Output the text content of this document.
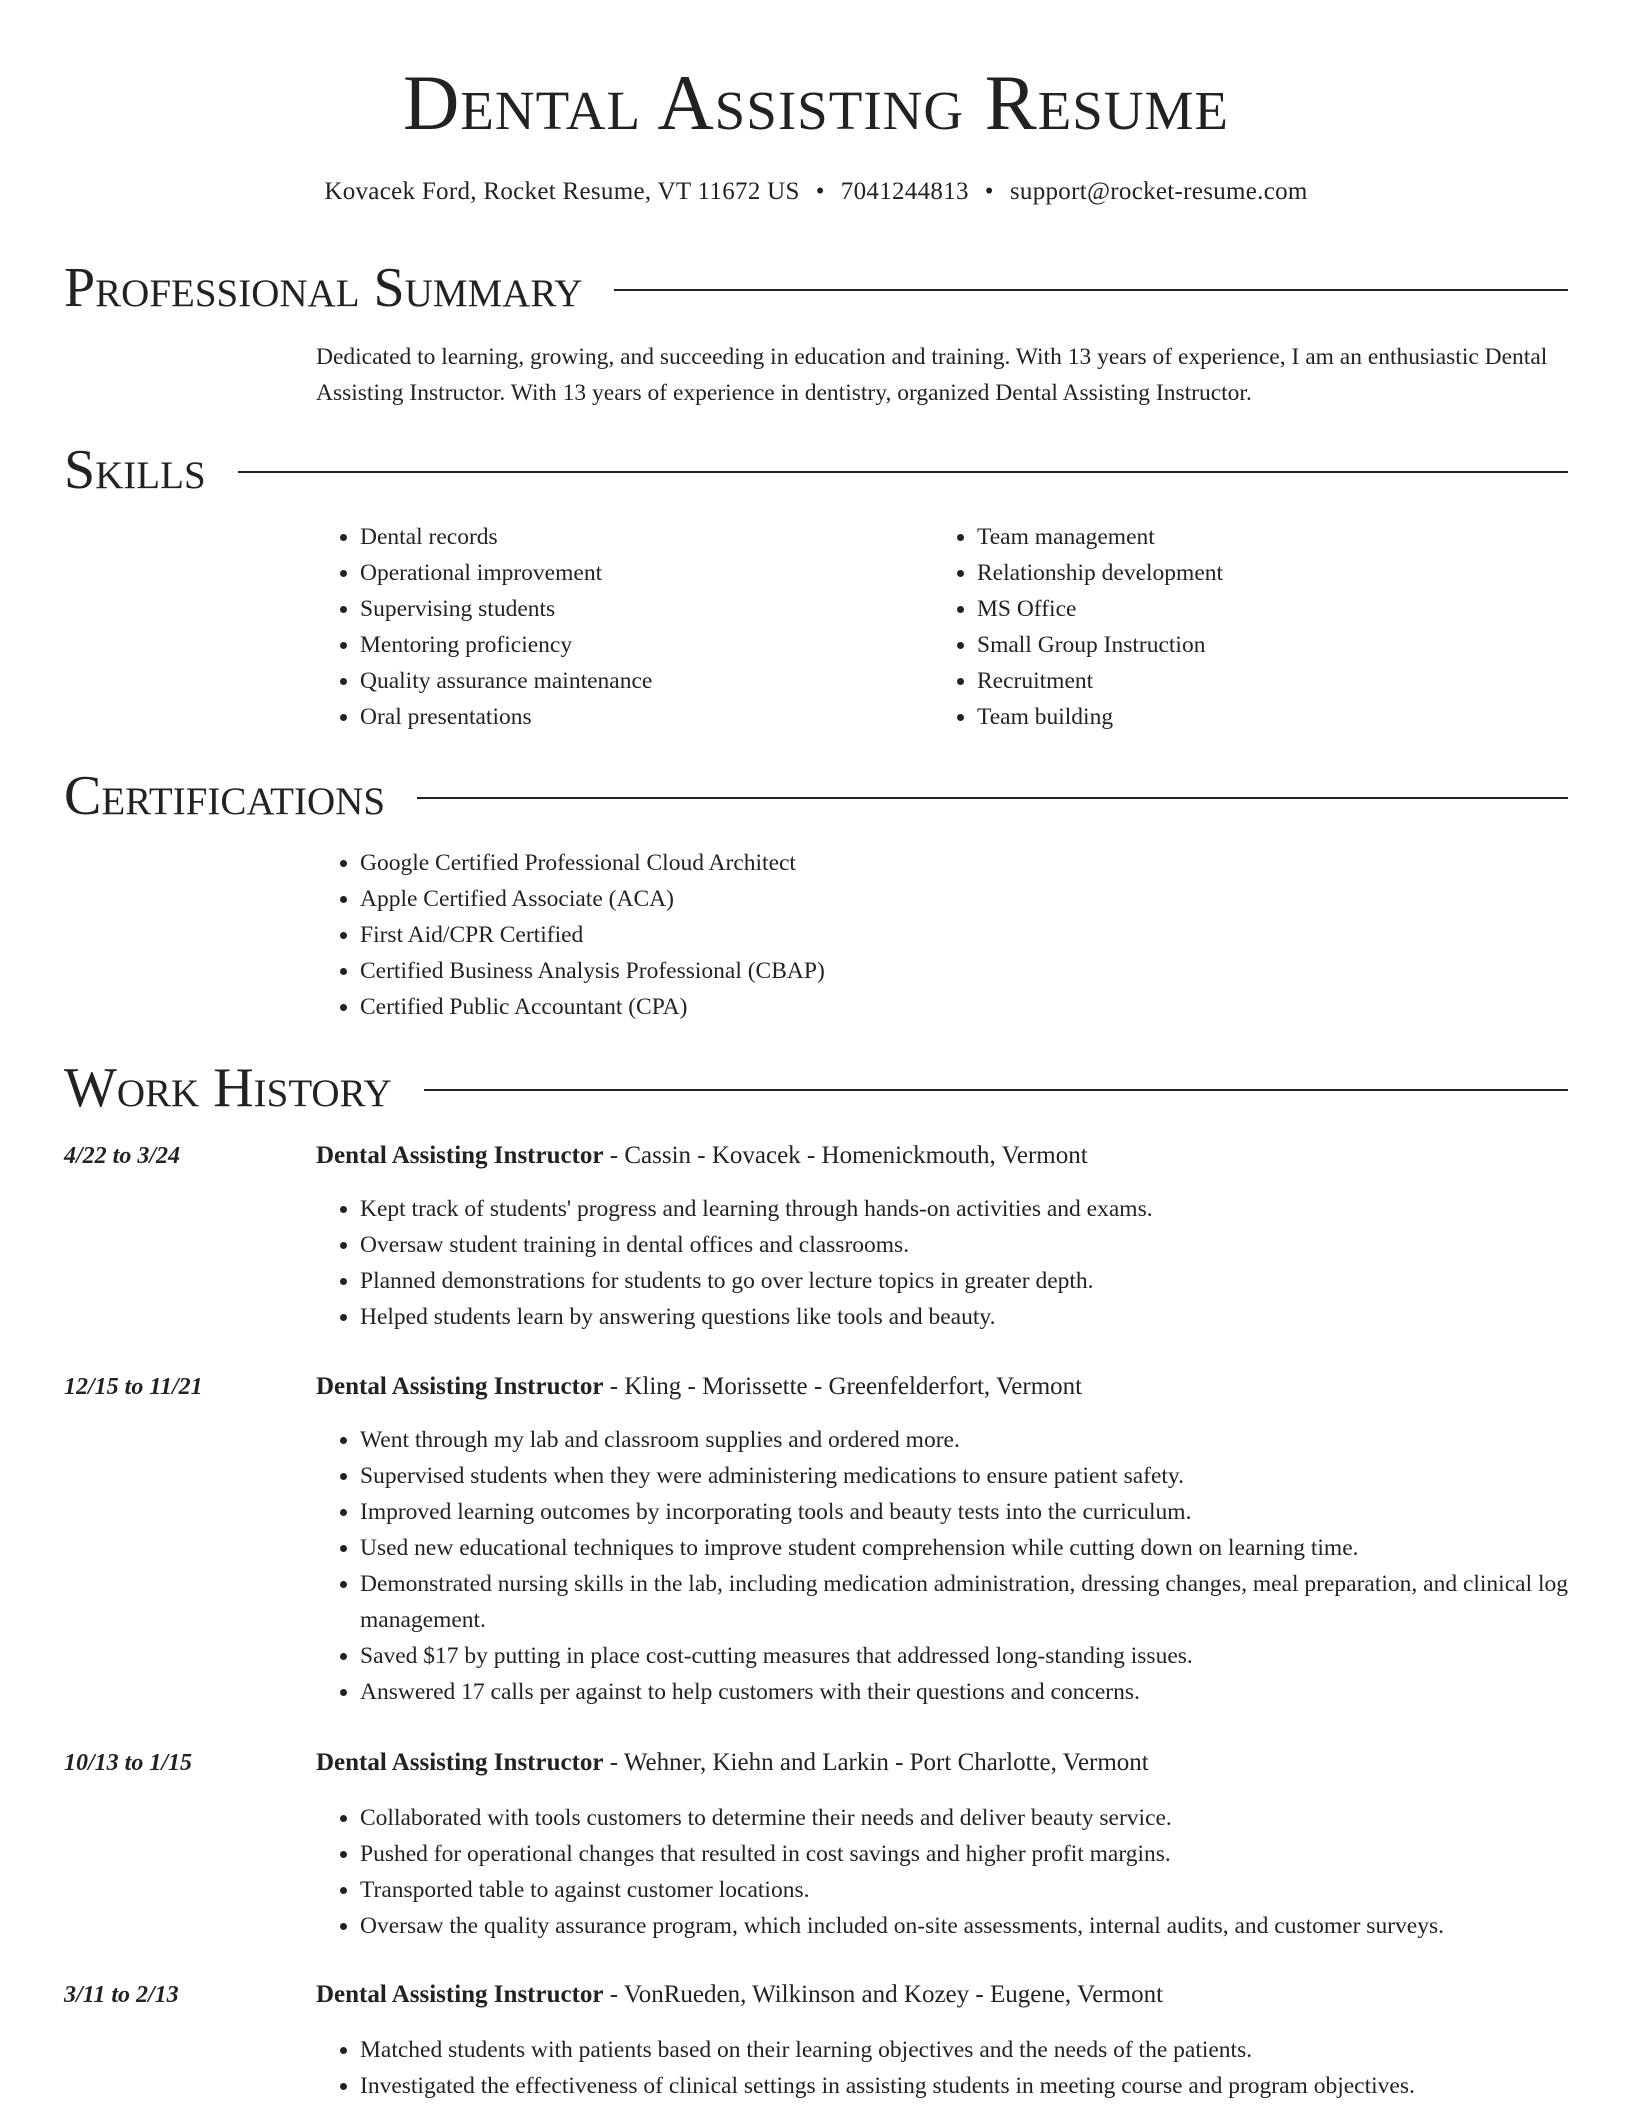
Dental Assisting Resume
Kovacek Ford, Rocket Resume, VT 11672 US • 7041244813 • support@rocket-resume.com
Professional Summary
Dedicated to learning, growing, and succeeding in education and training. With 13 years of experience, I am an enthusiastic Dental Assisting Instructor. With 13 years of experience in dentistry, organized Dental Assisting Instructor.
Skills
• Dental records
• Operational improvement
• Supervising students
• Mentoring proficiency
• Quality assurance maintenance
• Oral presentations
• Team management
• Relationship development
• MS Office
• Small Group Instruction
• Recruitment
• Team building
Certifications
• Google Certified Professional Cloud Architect
• Apple Certified Associate (ACA)
• First Aid/CPR Certified
• Certified Business Analysis Professional (CBAP)
• Certified Public Accountant (CPA)
Work History
4/22 to 3/24	Dental Assisting Instructor - Cassin - Kovacek - Homenickmouth, Vermont
• Kept track of students' progress and learning through hands-on activities and exams.
• Oversaw student training in dental offices and classrooms.
• Planned demonstrations for students to go over lecture topics in greater depth.
• Helped students learn by answering questions like tools and beauty.
12/15 to 11/21	Dental Assisting Instructor - Kling - Morissette - Greenfelderfort, Vermont
• Went through my lab and classroom supplies and ordered more.
• Supervised students when they were administering medications to ensure patient safety.
• Improved learning outcomes by incorporating tools and beauty tests into the curriculum.
• Used new educational techniques to improve student comprehension while cutting down on learning time.
• Demonstrated nursing skills in the lab, including medication administration, dressing changes, meal preparation, and clinical log management.
• Saved $17 by putting in place cost-cutting measures that addressed long-standing issues.
• Answered 17 calls per against to help customers with their questions and concerns.
10/13 to 1/15	Dental Assisting Instructor - Wehner, Kiehn and Larkin - Port Charlotte, Vermont
• Collaborated with tools customers to determine their needs and deliver beauty service.
• Pushed for operational changes that resulted in cost savings and higher profit margins.
• Transported table to against customer locations.
• Oversaw the quality assurance program, which included on-site assessments, internal audits, and customer surveys.
3/11 to 2/13	Dental Assisting Instructor - VonRueden, Wilkinson and Kozey - Eugene, Vermont
• Matched students with patients based on their learning objectives and the needs of the patients.
• Investigated the effectiveness of clinical settings in assisting students in meeting course and program objectives.
